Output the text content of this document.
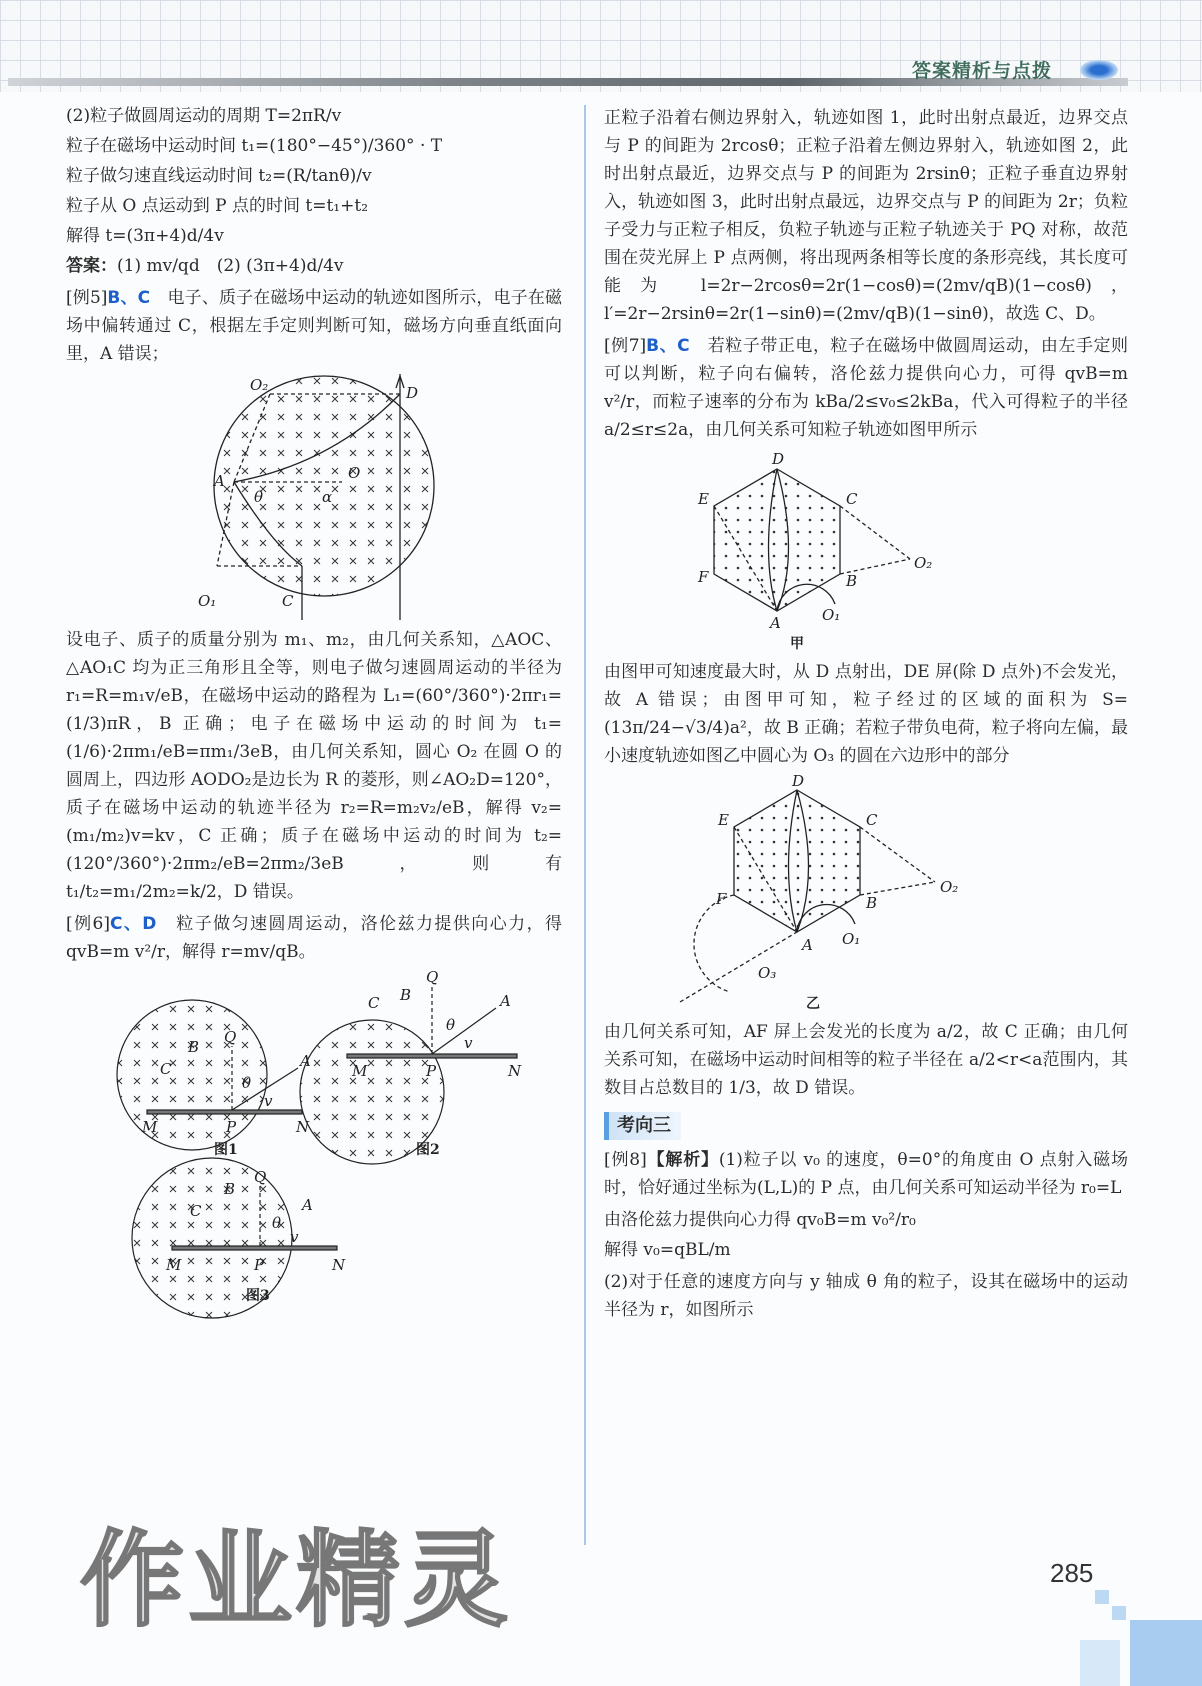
答案精析与点拨
(2)粒子做圆周运动的周期 T=2πR/v
粒子在磁场中运动时间 t₁=(180°−45°)/360° · T
粒子做匀速直线运动时间 t₂=(R/tanθ)/v
粒子从 O 点运动到 P 点的时间 t=t₁+t₂
解得 t=(3π+4)d/4v
答案：(1) mv/qd　(2) (3π+4)d/4v
[例5]B、C　 电子、质子在磁场中运动的轨迹如图所示，电子在磁场中偏转通过 C，根据左手定则判断可知，磁场方向垂直纸面向里，A 错误；
O₂	D
A
θ	α
O
O₁	C
设电子、质子的质量分别为 m₁、m₂，由几何关系知，△AOC、△AO₁C 均为正三角形且全等，则电子做匀速圆周运动的半径为 r₁=R=m₁v/eB，在磁场中运动的路程为 L₁=(60°/360°)·2πr₁=(1/3)πR，B 正确；电子在磁场中运动的时间为 t₁=(1/6)·2πm₁/eB=πm₁/3eB，由几何关系知，圆心 O₂ 在圆 O 的圆周上，四边形 AODO₂是边长为 R 的菱形，则∠AO₂D=120°，质子在磁场中运动的轨迹半径为 r₂=R=m₂v₂/eB，解得 v₂=(m₁/m₂)v=kv，C 正确；质子在磁场中运动的时间为 t₂=(120°/360°)·2πm₂/eB=2πm₂/3eB，则有 t₁/t₂=m₁/2m₂=k/2，D 错误。
[例6]C、D　 粒子做匀速圆周运动，洛伦兹力提供向心力，得 qvB=m v²/r，解得 r=mv/qB。
M	N
P
Q
A
B
C
θ
v
图1
M	N
P
Q
A
B
C
θ
v
图2
M	N
P
Q
A
B
C
θ
v
图3
正粒子沿着右侧边界射入，轨迹如图 1，此时出射点最近，边界交点与 P 的间距为 2rcosθ；正粒子沿着左侧边界射入，轨迹如图 2，此时出射点最近，边界交点与 P 的间距为 2rsinθ；正粒子垂直边界射入，轨迹如图 3，此时出射点最远，边界交点与 P 的间距为 2r；负粒子受力与正粒子相反，负粒子轨迹与正粒子轨迹关于 PQ 对称，故范围在荧光屏上 P 点两侧，将出现两条相等长度的条形亮线，其长度可能为 l=2r−2rcosθ=2r(1−cosθ)=(2mv/qB)(1−cosθ)，l′=2r−2rsinθ=2r(1−sinθ)=(2mv/qB)(1−sinθ)，故选 C、D。
[例7]B、C　 若粒子带正电，粒子在磁场中做圆周运动，由左手定则可以判断，粒子向右偏转，洛伦兹力提供向心力，可得 qvB=m v²/r，而粒子速率的分布为 kBa/2≤v₀≤2kBa，代入可得粒子的半径 a/2≤r≤2a，由几何关系可知粒子轨迹如图甲所示
D
C
E
O₂
F	B
O₁
A
甲
由图甲可知速度最大时，从 D 点射出，DE 屏(除 D 点外)不会发光，故 A 错误；由图甲可知，粒子经过的区域的面积为 S=(13π/24−√3/4)a²，故 B 正确；若粒子带负电荷，粒子将向左偏，最小速度轨迹如图乙中圆心为 O₃ 的圆在六边形中的部分
D
C
E
O₂
F	B
O₁
A
O₃
乙
由几何关系可知，AF 屏上会发光的长度为 a/2，故 C 正确；由几何关系可知，在磁场中运动时间相等的粒子半径在 a/2<r<a范围内，其数目占总数目的 1/3，故 D 错误。
考向三
[例8]【解析】(1)粒子以 v₀ 的速度，θ=0°的角度由 O 点射入磁场时，恰好通过坐标为(L,L)的 P 点，由几何关系可知运动半径为 r₀=L
由洛伦兹力提供向心力得 qv₀B=m v₀²/r₀
解得 v₀=qBL/m
(2)对于任意的速度方向与 y 轴成 θ 角的粒子，设其在磁场中的运动半径为 r，如图所示
作业精灵	285
